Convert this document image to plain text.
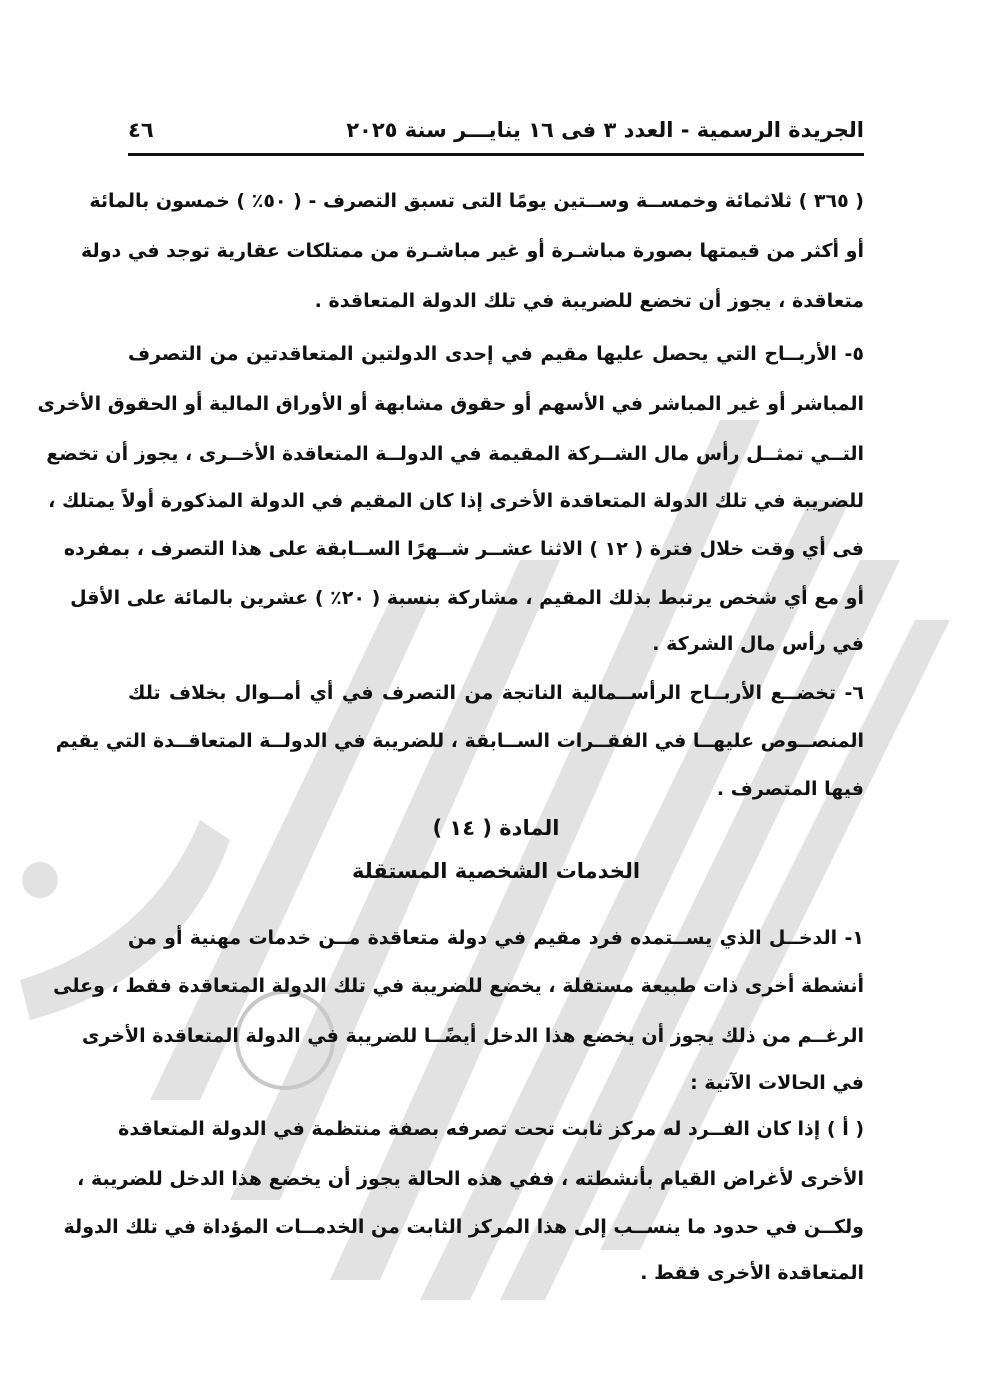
الجريدة الرسمية - العدد ٣ فى ١٦ ينايـــر سنة ٢٠٢٥
٤٦
( ٣٦٥ ) ثلاثمائة وخمســة وســتين يومًا التى تسبق التصرف - ( ٥٠٪ ) خمسون بالمائة
أو أكثر من قيمتها بصورة مباشـرة أو غير مباشـرة من ممتلكات عقارية توجد في دولة
متعاقدة ، يجوز أن تخضع للضريبة في تلك الدولة المتعاقدة .
٥- الأربــاح التي يحصل عليها مقيم في إحدى الدولتين المتعاقدتين من التصرف
المباشر أو غير المباشر في الأسهم أو حقوق مشابهة أو الأوراق المالية أو الحقوق الأخرى
التــي تمثــل رأس مال الشــركة المقيمة في الدولــة المتعاقدة الأخــرى ، يجوز أن تخضع
للضريبة في تلك الدولة المتعاقدة الأخرى إذا كان المقيم في الدولة المذكورة أولاً يمتلك ،
فى أي وقت خلال فترة ( ١٢ ) الاثنا عشــر شــهرًا الســابقة على هذا التصرف ، بمفرده
أو مع أي شخص يرتبط بذلك المقيم ، مشاركة بنسبة ( ٢٠٪ ) عشرين بالمائة على الأقل
في رأس مال الشركة .
٦- تخضــع الأربــاح الرأســمالية الناتجة من التصرف في أي أمــوال بخلاف تلك
المنصــوص عليهــا في الفقــرات الســابقة ، للضريبة في الدولــة المتعاقــدة التي يقيم
فيها المتصرف .
المادة ( ١٤ )
الخدمات الشخصية المستقلة
١- الدخــل الذي يســتمده فرد مقيم في دولة متعاقدة مــن خدمات مهنية أو من
أنشطة أخرى ذات طبيعة مستقلة ، يخضع للضريبة في تلك الدولة المتعاقدة فقط ، وعلى
الرغــم من ذلك يجوز أن يخضع هذا الدخل أيضًــا للضريبة في الدولة المتعاقدة الأخرى
في الحالات الآتية :
( أ ) إذا كان الفــرد له مركز ثابت تحت تصرفه بصفة منتظمة في الدولة المتعاقدة
الأخرى لأغراض القيام بأنشطته ، ففي هذه الحالة يجوز أن يخضع هذا الدخل للضريبة ،
ولكــن في حدود ما ينســب إلى هذا المركز الثابت من الخدمــات المؤداة في تلك الدولة
المتعاقدة الأخرى فقط .
